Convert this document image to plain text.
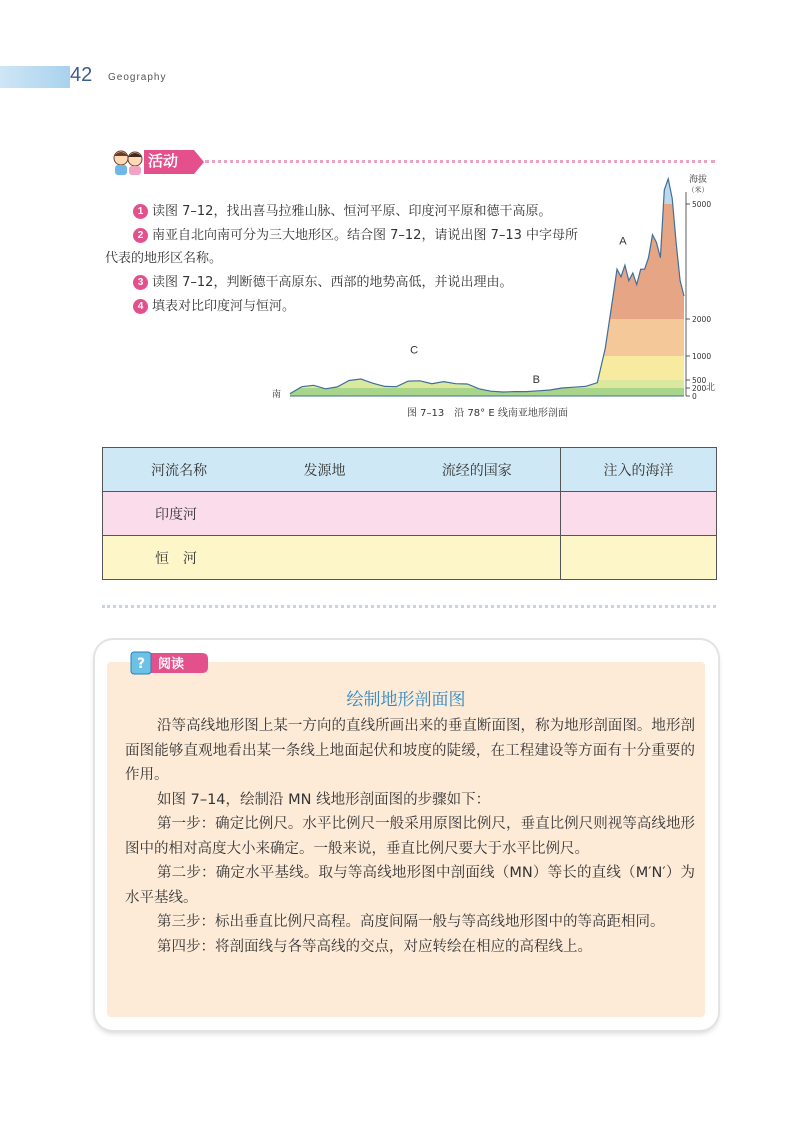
42 Geography
活动

1 读图 7–12，找出喜马拉雅山脉、恒河平原、印度河平原和德干高原。

2 南亚自北向南可分为三大地形区。结合图 7–12，请说出图 7–13 中字母所代表的地形区名称。

3 读图 7–12，判断德干高原东、西部的地势高低，并说出理由。

4 填表对比印度河与恒河。

0
200
500
1000
2000
5000
海拔
（米）
南
北
A
B
C
图 7–13　沿 78° E 线南亚地形剖面
河流名称 发源地 流经的国家	注入的海洋
印度河	
恒　河	
? 阅读
绘制地形剖面图

沿等高线地形图上某一方向的直线所画出来的垂直断面图，称为地形剖面图。地形剖面图能够直观地看出某一条线上地面起伏和坡度的陡缓，在工程建设等方面有十分重要的作用。

如图 7–14，绘制沿 MN 线地形剖面图的步骤如下：

第一步：确定比例尺。水平比例尺一般采用原图比例尺，垂直比例尺则视等高线地形图中的相对高度大小来确定。一般来说，垂直比例尺要大于水平比例尺。

第二步：确定水平基线。取与等高线地形图中剖面线（MN）等长的直线（M′N′）为水平基线。

第三步：标出垂直比例尺高程。高度间隔一般与等高线地形图中的等高距相同。

第四步：将剖面线与各等高线的交点，对应转绘在相应的高程线上。
